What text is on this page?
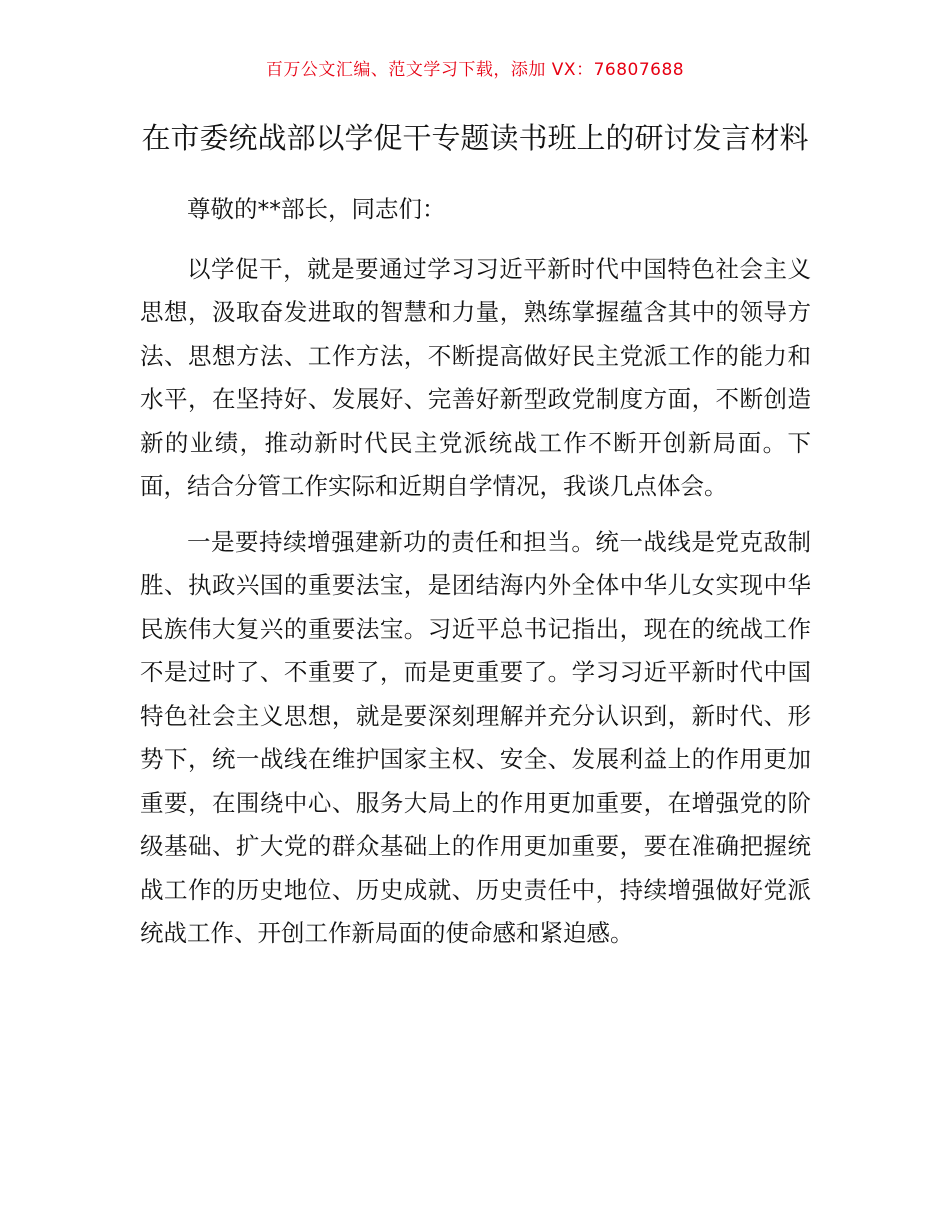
百万公文汇编、范文学习下载，添加 VX：76807688
在市委统战部以学促干专题读书班上的研讨发言材料

尊敬的**部长，同志们：

以学促干，就是要通过学习习近平新时代中国特色社会主义思想，汲取奋发进取的智慧和力量，熟练掌握蕴含其中的领导方法、思想方法、工作方法，不断提高做好民主党派工作的能力和水平，在坚持好、发展好、完善好新型政党制度方面，不断创造新的业绩，推动新时代民主党派统战工作不断开创新局面。下面，结合分管工作实际和近期自学情况，我谈几点体会。

一是要持续增强建新功的责任和担当。统一战线是党克敌制胜、执政兴国的重要法宝，是团结海内外全体中华儿女实现中华民族伟大复兴的重要法宝。习近平总书记指出，现在的统战工作不是过时了、不重要了，而是更重要了。学习习近平新时代中国特色社会主义思想，就是要深刻理解并充分认识到，新时代、形势下，统一战线在维护国家主权、安全、发展利益上的作用更加重要，在围绕中心、服务大局上的作用更加重要，在增强党的阶级基础、扩大党的群众基础上的作用更加重要，要在准确把握统战工作的历史地位、历史成就、历史责任中，持续增强做好党派统战工作、开创工作新局面的使命感和紧迫感。
